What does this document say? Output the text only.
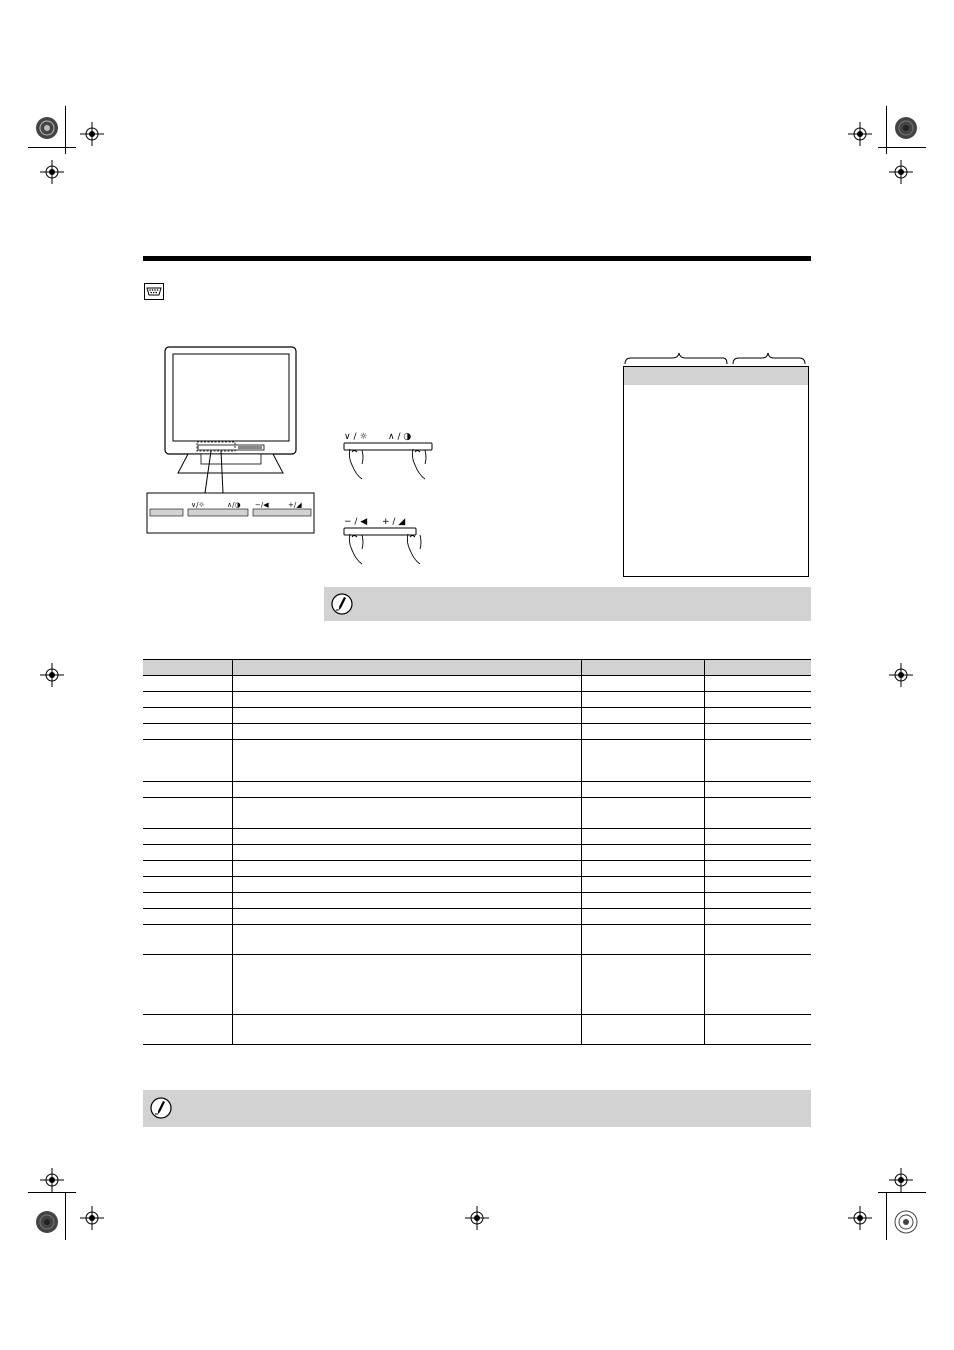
∨/☼	∧/◑ −/◀	+/◢
∨ / ☼ ∧ / ◑
− / ◀ + / ◢
